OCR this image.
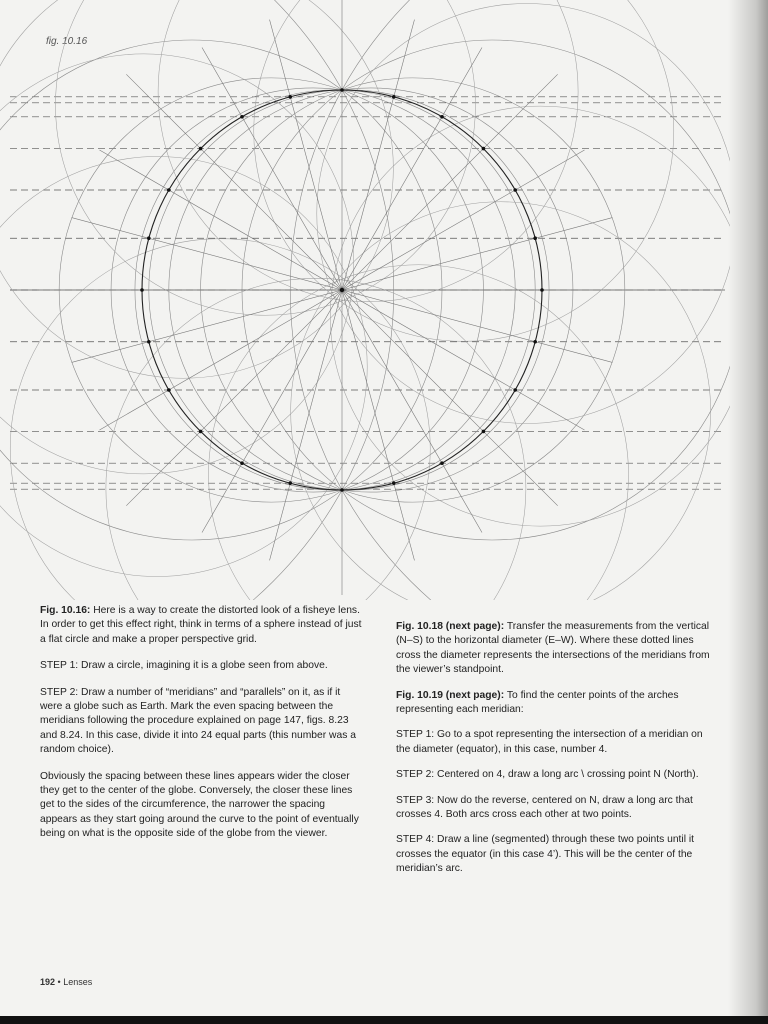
fig. 10.16

Fig. 10.16: Here is a way to create the distorted look of a fisheye lens. In order to get this effect right, think in terms of a sphere instead of just a flat circle and make a proper perspective grid.

STEP 1: Draw a circle, imagining it is a globe seen from above.

STEP 2: Draw a number of “meridians” and “parallels” on it, as if it were a globe such as Earth. Mark the even spacing between the meridians following the procedure explained on page 147, figs. 8.23 and 8.24. In this case, divide it into 24 equal parts (this number was a random choice).

Obviously the spacing between these lines appears wider the closer they get to the center of the globe. Conversely, the closer these lines get to the sides of the circumference, the narrower the spacing appears as they start going around the curve to the point of eventually being on what is the opposite side of the globe from the viewer.

Fig. 10.18 (next page): Transfer the measurements from the vertical (N–S) to the horizontal diameter (E–W). Where these dotted lines cross the diameter represents the intersections of the meridians from the viewer’s standpoint.

Fig. 10.19 (next page): To find the center points of the arches representing each meridian:

STEP 1: Go to a spot representing the intersection of a meridian on the diameter (equator), in this case, number 4.

STEP 2: Centered on 4, draw a long arc \ crossing point N (North).

STEP 3: Now do the reverse, centered on N, draw a long arc that crosses 4. Both arcs cross each other at two points.

STEP 4: Draw a line (segmented) through these two points until it crosses the equator (in this case 4’). This will be the center of the meridian’s arc.

192 • Lenses
